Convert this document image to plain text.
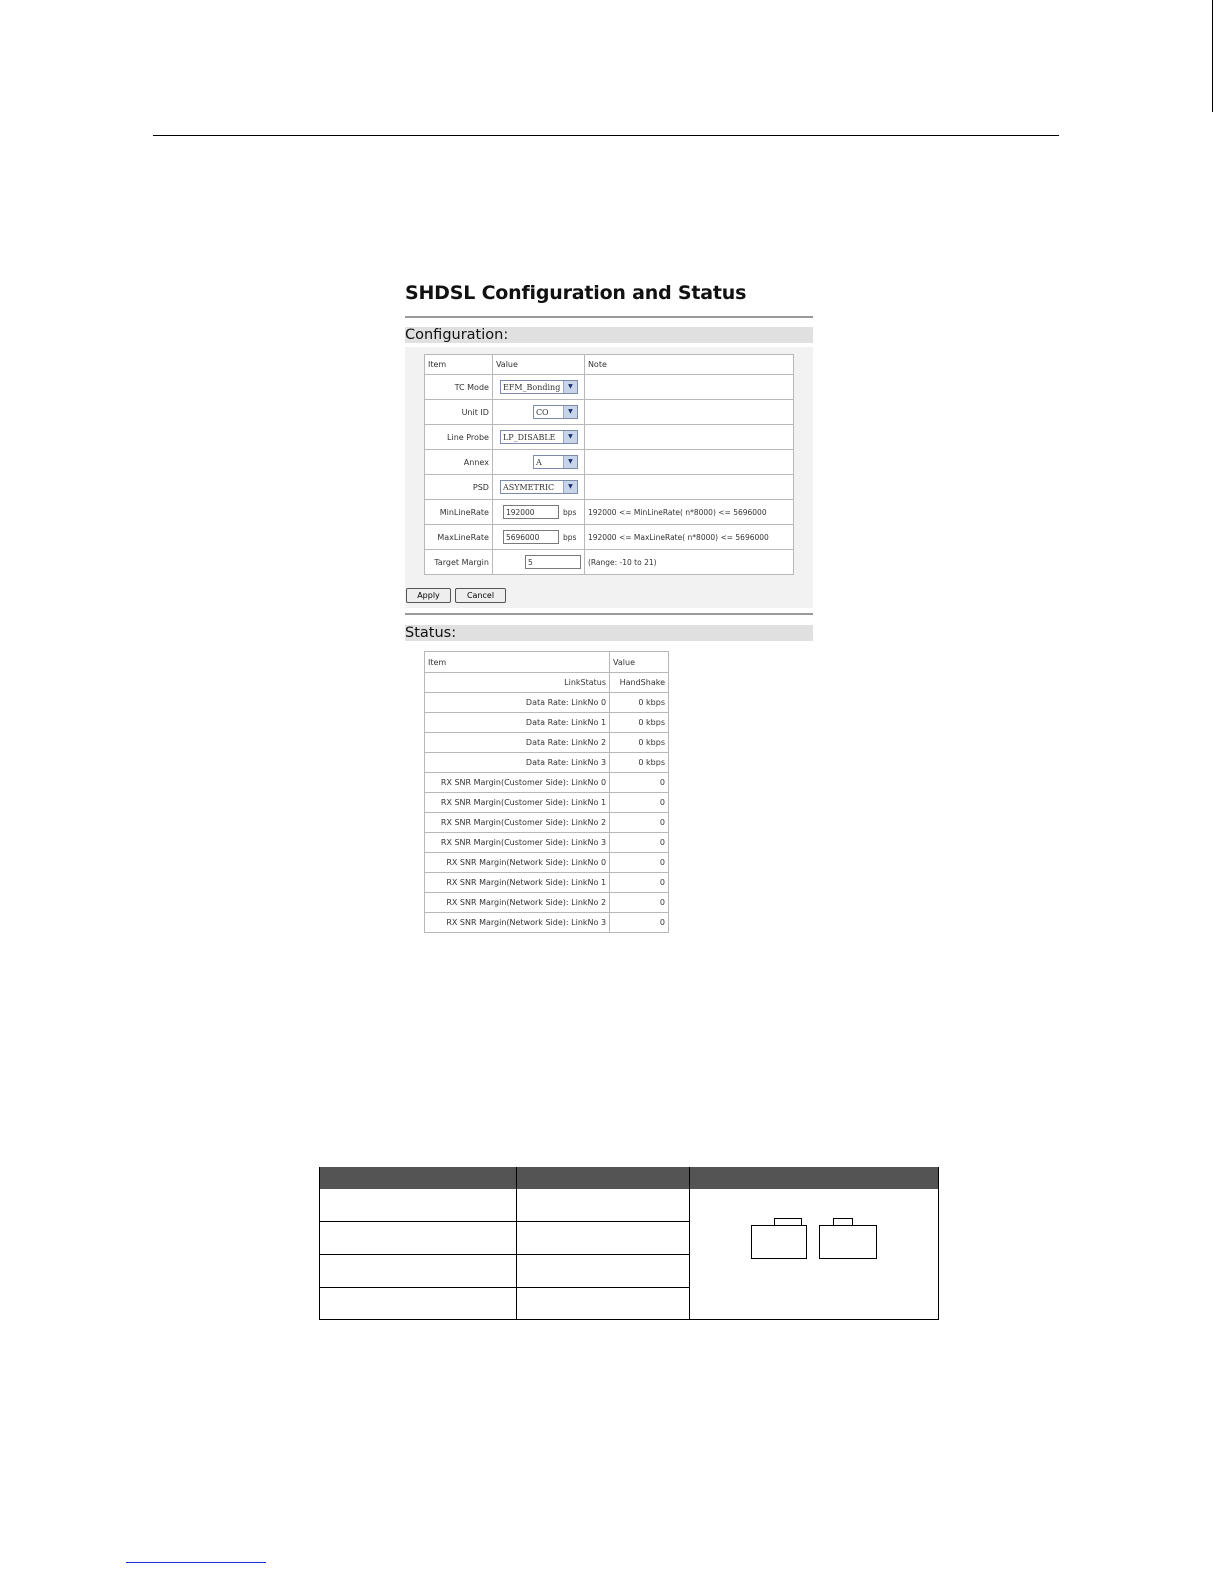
SHDSL Configuration and Status
Configuration:
Item	Value	Note
TC Mode	EFM_Bonding ▼	

Unit ID	CO ▼	

Line Probe	LP_DISABLE ▼	

Annex	A ▼	

PSD	ASYMETRIC ▼	

MinLineRate	192000 bps	192000 <= MinLineRate( n*8000) <= 5696000
MaxLineRate	5696000 bps	192000 <= MaxLineRate( n*8000) <= 5696000
Target Margin	5	(Range: -10 to 21)
Apply	Cancel
Status:
Item	Value
LinkStatus	HandShake
Data Rate: LinkNo 0	0 kbps
Data Rate: LinkNo 1	0 kbps
Data Rate: LinkNo 2	0 kbps
Data Rate: LinkNo 3	0 kbps
RX SNR Margin(Customer Side): LinkNo 0	0
RX SNR Margin(Customer Side): LinkNo 1	0
RX SNR Margin(Customer Side): LinkNo 2	0
RX SNR Margin(Customer Side): LinkNo 3	0
RX SNR Margin(Network Side): LinkNo 0	0
RX SNR Margin(Network Side): LinkNo 1	0
RX SNR Margin(Network Side): LinkNo 2	0
RX SNR Margin(Network Side): LinkNo 3	0
